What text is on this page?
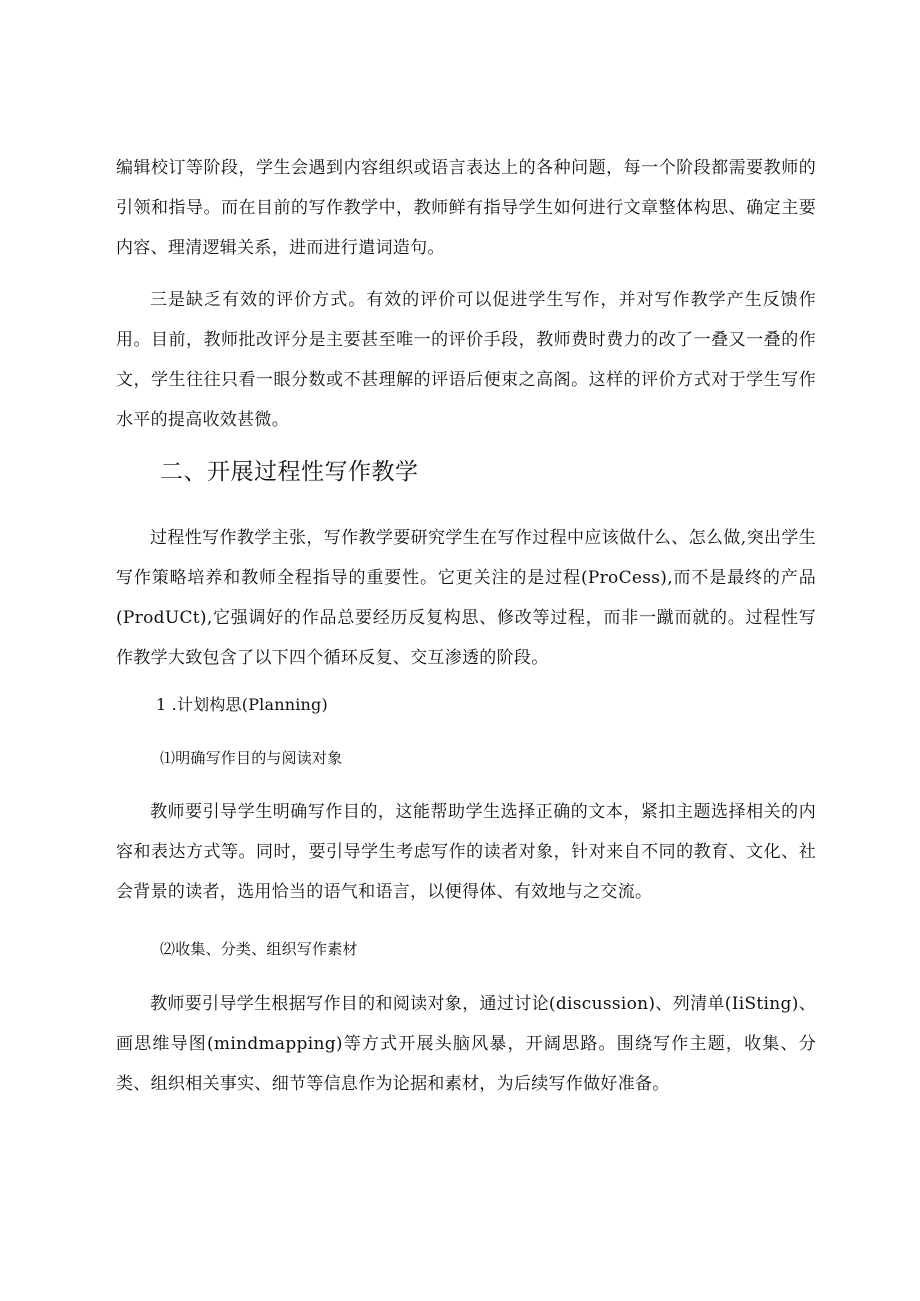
编辑校订等阶段，学生会遇到内容组织或语言表达上的各种问题，每一个阶段都需要教师的引领和指导。而在目前的写作教学中，教师鲜有指导学生如何进行文章整体构思、确定主要内容、理清逻辑关系，进而进行遣词造句。

三是缺乏有效的评价方式。有效的评价可以促进学生写作，并对写作教学产生反馈作用。目前，教师批改评分是主要甚至唯一的评价手段，教师费时费力的改了一叠又一叠的作文，学生往往只看一眼分数或不甚理解的评语后便束之高阁。这样的评价方式对于学生写作水平的提高收效甚微。

二、开展过程性写作教学

过程性写作教学主张，写作教学要研究学生在写作过程中应该做什么、怎么做,突出学生写作策略培养和教师全程指导的重要性。它更关注的是过程(ProCess),而不是最终的产品(ProdUCt),它强调好的作品总要经历反复构思、修改等过程，而非一蹴而就的。过程性写作教学大致包含了以下四个循环反复、交互渗透的阶段。

1 .计划构思(Planning)
⑴明确写作目的与阅读对象

教师要引导学生明确写作目的，这能帮助学生选择正确的文本，紧扣主题选择相关的内容和表达方式等。同时，要引导学生考虑写作的读者对象，针对来自不同的教育、文化、社会背景的读者，选用恰当的语气和语言，以便得体、有效地与之交流。

⑵收集、分类、组织写作素材

教师要引导学生根据写作目的和阅读对象，通过讨论(discussion)、列清单(IiSting)、画思维导图(mindmapping)等方式开展头脑风暴，开阔思路。围绕写作主题，收集、分类、组织相关事实、细节等信息作为论据和素材，为后续写作做好准备。
